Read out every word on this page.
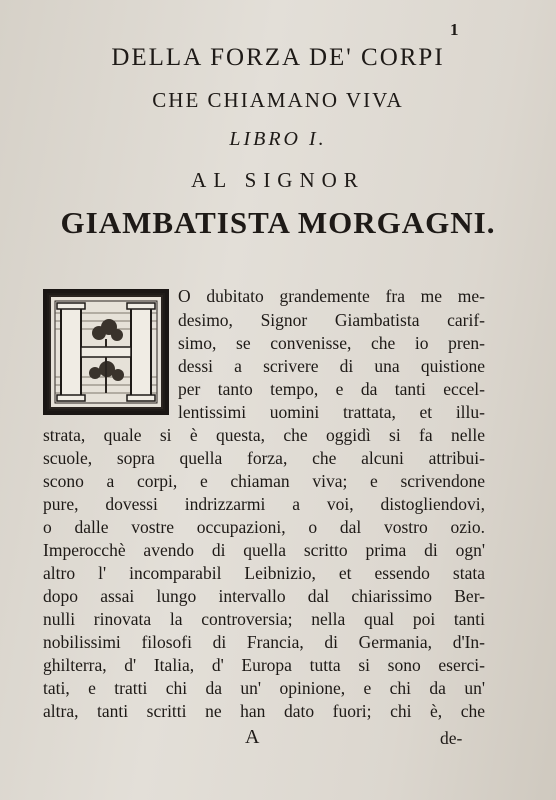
1
DELLA FORZA DE' CORPI
CHE CHIAMANO VIVA
LIBRO I.
AL SIGNOR
GIAMBATISTA MORGAGNI.
O dubitato grandemente fra me me-
desimo, Signor Giambatista carif-
simo, se convenisse, che io pren-
dessi a scrivere di una quistione
per tanto tempo, e da tanti eccel-
lentissimi uomini trattata, et illu-
strata, quale si è questa, che oggidì si fa nelle
scuole, sopra quella forza, che alcuni attribui-
scono a corpi, e chiaman viva; e scrivendone
pure, dovessi indrizzarmi a voi, distogliendovi,
o dalle vostre occupazioni, o dal vostro ozio.
Imperocchè avendo di quella scritto prima di ogn'
altro l' incomparabil Leibnizio, et essendo stata
dopo assai lungo intervallo dal chiarissimo Ber-
nulli rinovata la controversia; nella qual poi tanti
nobilissimi filosofi di Francia, di Germania, d'In-
ghilterra, d' Italia, d' Europa tutta si sono eserci-
tati, e tratti chi da un' opinione, e chi da un'
altra, tanti scritti ne han dato fuori; chi è, che
A	de-
